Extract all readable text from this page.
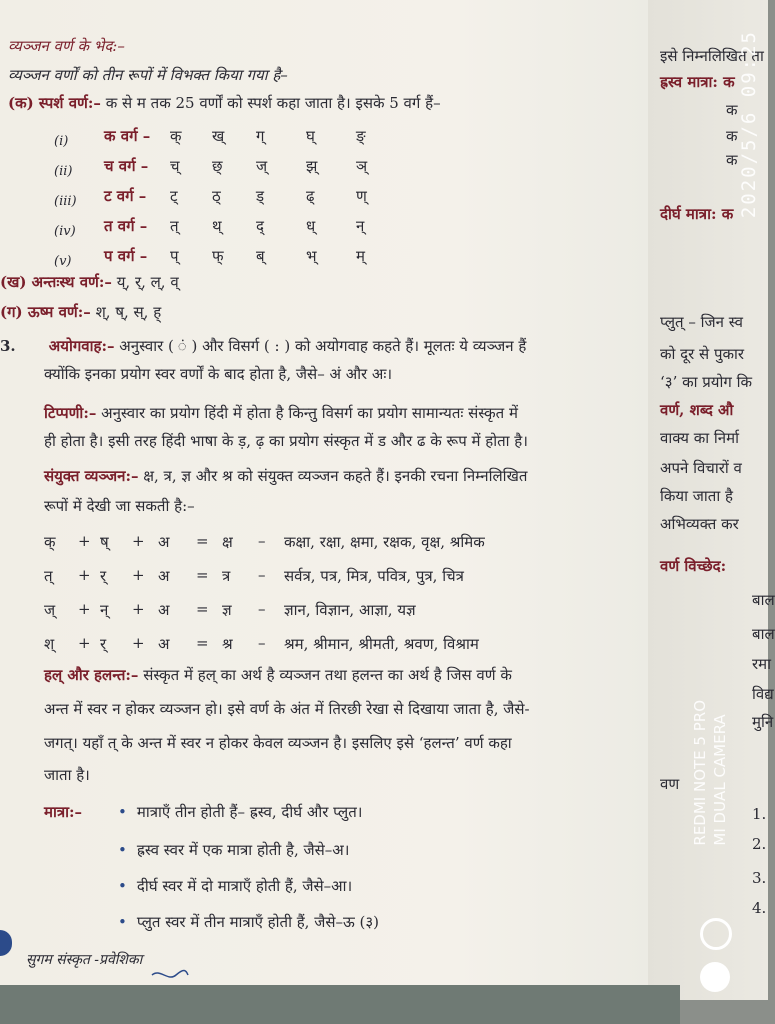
व्यञ्जन वर्ण के भेद:–
व्यञ्जन वर्णों को तीन रूपों में विभक्त किया गया है–
(क) स्पर्श वर्ण:– क से म तक 25 वर्णों को स्पर्श कहा जाता है। इसके 5 वर्ग हैं–
(i) क वर्ग – क् ख् ग्	घ्	ङ्
(ii) च वर्ग – च् छ् ज्	झ्	ञ्
(iii) ट वर्ग – ट् ठ् ड्	ढ्	ण्
(iv) त वर्ग – त् थ् द्	ध्	न्
(v) प वर्ग – प् फ् ब्	भ्	म्
(ख) अन्तःस्थ वर्ण:– य्, र्, ल्, व्
(ग) ऊष्म वर्ण:– श्, ष्, स्, ह्
3. अयोगवाह:– अनुस्वार ( ं ) और विसर्ग ( : ) को अयोगवाह कहते हैं। मूलतः ये व्यञ्जन हैं
क्योंकि इनका प्रयोग स्वर वर्णों के बाद होता है, जैसे– अं और अः।
टिप्पणी:– अनुस्वार का प्रयोग हिंदी में होता है किन्तु विसर्ग का प्रयोग सामान्यतः संस्कृत में
ही होता है। इसी तरह हिंदी भाषा के ड़, ढ़ का प्रयोग संस्कृत में ड और ढ के रूप में होता है।
संयुक्त व्यञ्जन:– क्ष, त्र, ज्ञ और श्र को संयुक्त व्यञ्जन कहते हैं। इनकी रचना निम्नलिखित
रूपों में देखी जा सकती है:–
क् + ष् + अ = क्ष – कक्षा, रक्षा, क्षमा, रक्षक, वृक्ष, श्रमिक
त् + र् + अ = त्र – सर्वत्र, पत्र, मित्र, पवित्र, पुत्र, चित्र
ज् + न् + अ = ज्ञ – ज्ञान, विज्ञान, आज्ञा, यज्ञ
श् + र् + अ = श्र – श्रम, श्रीमान, श्रीमती, श्रवण, विश्राम
हल् और हलन्त:– संस्कृत में हल् का अर्थ है व्यञ्जन तथा हलन्त का अर्थ है जिस वर्ण के
अन्त में स्वर न होकर व्यञ्जन हो। इसे वर्ण के अंत में तिरछी रेखा से दिखाया जाता है, जैसे-
जगत्। यहाँ त् के अन्त में स्वर न होकर केवल व्यञ्जन है। इसलिए इसे ‘हलन्त’ वर्ण कहा
जाता है।
मात्रा:– • मात्राएँ तीन होती हैं– ह्रस्व, दीर्घ और प्लुत।
• ह्रस्व स्वर में एक मात्रा होती है, जैसे–अ।
• दीर्घ स्वर में दो मात्राएँ होती हैं, जैसे–आ।
• प्लुत स्वर में तीन मात्राएँ होती हैं, जैसे–ऊ (३)
सुगम संस्कृत -प्रवेशिका
इसे निम्नलिखित ता
ह्रस्व मात्रा: क
क
क
क
दीर्घ मात्रा: क
प्लुत् – जिन स्व
को दूर से पुकार
‘३’ का प्रयोग कि
वर्ण, शब्द औ
वाक्य का निर्मा
अपने विचारों व
किया जाता है
अभिव्यक्त कर
वर्ण विच्छेद:
बाल
बाल
रमा
विद्य
मुनि
वण
1.
2.
3.
4.
2020/5/6 09:25
REDMI NOTE 5 PRO MI DUAL CAMERA
